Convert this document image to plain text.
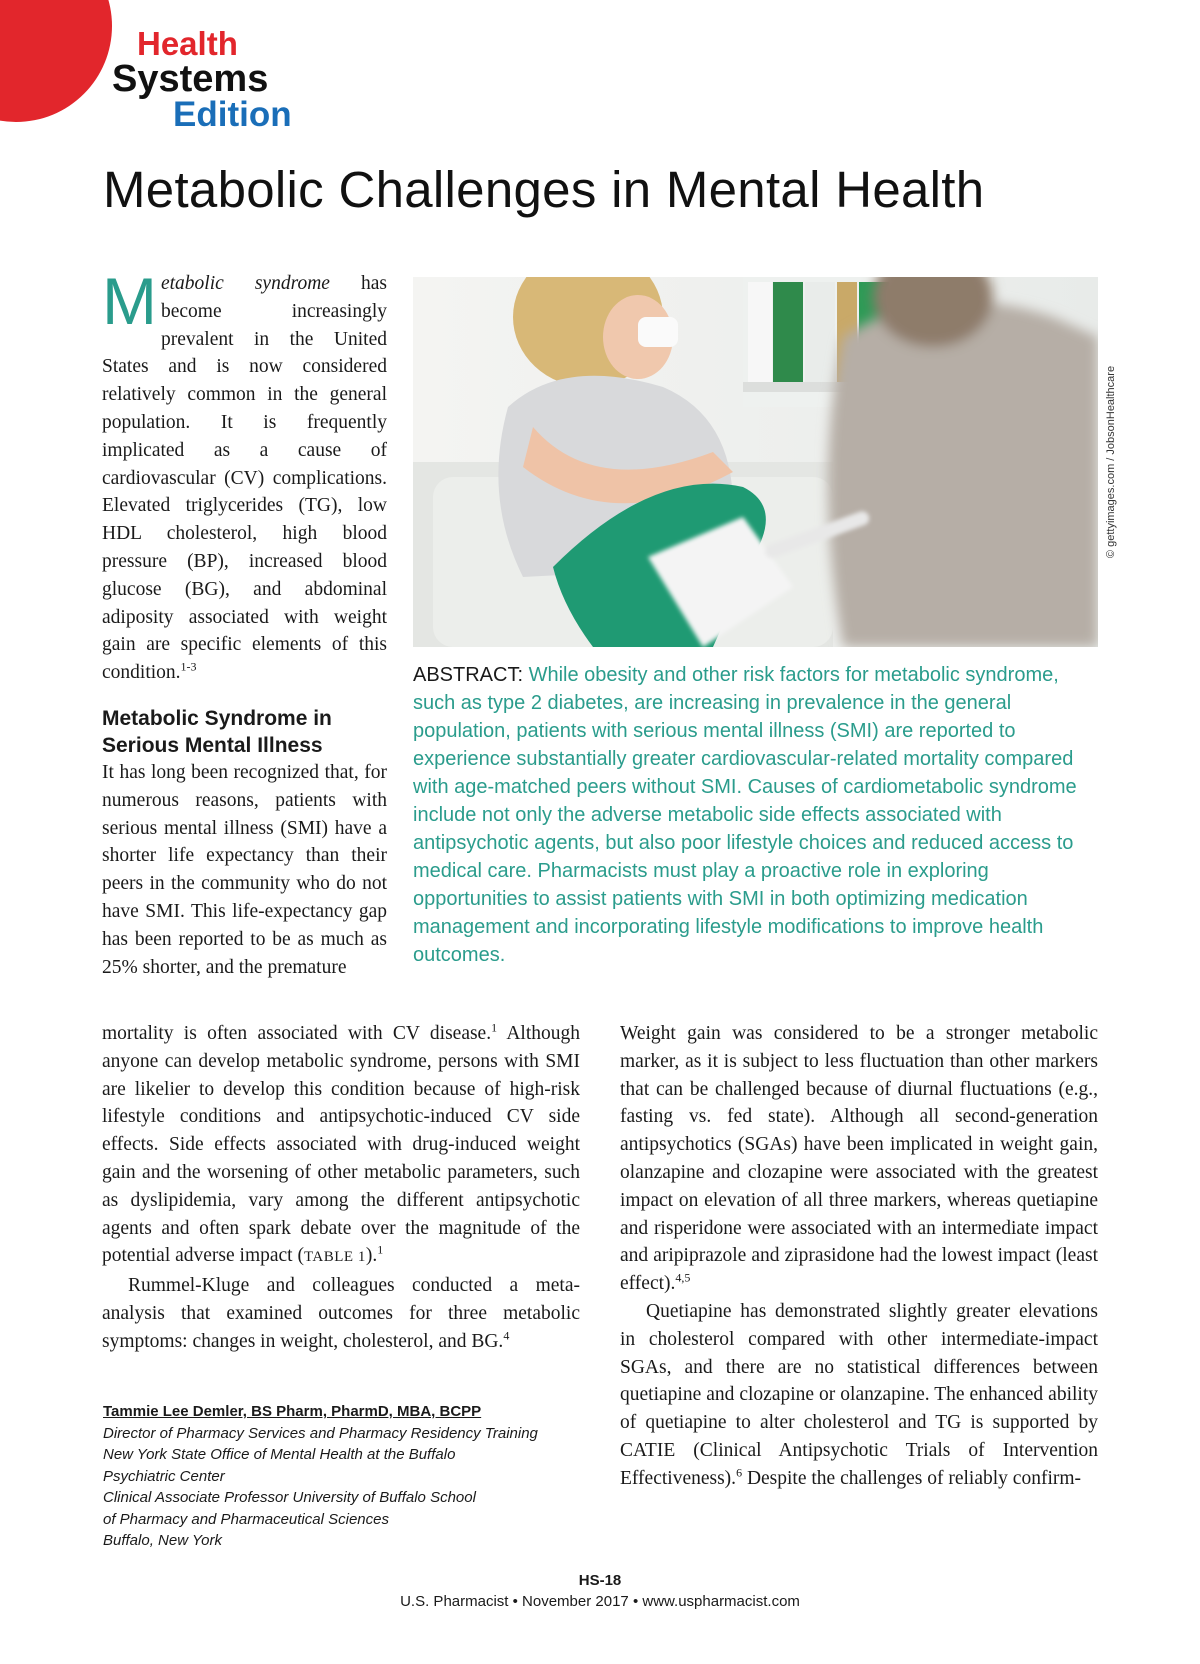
Health
Systems
Edition
Metabolic Challenges in Mental Health

Metabolic syndrome has become increasingly prevalent in the United States and is now considered relatively common in the general population. It is frequently implicated as a cause of cardiovascular (CV) complications. Elevated triglycerides (TG), low HDL cholesterol, high blood pressure (BP), increased blood glucose (BG), and abdominal adiposity associated with weight gain are specific elements of this condition.$^{1-3}$

Metabolic Syndrome in Serious Mental Illness

It has long been recognized that, for numerous reasons, patients with serious mental illness (SMI) have a shorter life expectancy than their peers in the community who do not have SMI. This life-expectancy gap has been reported to be as much as 25% shorter, and the premature

© gettyimages.com / JobsonHealthcare
ABSTRACT: While obesity and other risk factors for metabolic syndrome, such as type 2 diabetes, are increasing in prevalence in the general population, patients with serious mental illness (SMI) are reported to experience substantially greater cardiovascular-related mortality compared with age-matched peers without SMI. Causes of cardiometabolic syndrome include not only the adverse metabolic side effects associated with antipsychotic agents, but also poor lifestyle choices and reduced access to medical care. Pharmacists must play a proactive role in exploring opportunities to assist patients with SMI in both optimizing medication management and incorporating lifestyle modifications to improve health outcomes.

mortality is often associated with CV disease.$^1$ Although anyone can develop metabolic syndrome, persons with SMI are likelier to develop this condition because of high-risk lifestyle conditions and antipsychotic-induced CV side effects. Side effects associated with drug-induced weight gain and the worsening of other metabolic parameters, such as dyslipidemia, vary among the different antipsychotic agents and often spark debate over the magnitude of the potential adverse impact (TABLE 1).$^1$

Rummel-Kluge and colleagues conducted a meta-analysis that examined outcomes for three metabolic symptoms: changes in weight, cholesterol, and BG.$^4$

Tammie Lee Demler, BS Pharm, PharmD, MBA, BCPP
Director of Pharmacy Services and Pharmacy Residency Training
New York State Office of Mental Health at the Buffalo
Psychiatric Center
Clinical Associate Professor University of Buffalo School
of Pharmacy and Pharmaceutical Sciences
Buffalo, New York

Weight gain was considered to be a stronger metabolic marker, as it is subject to less fluctuation than other markers that can be challenged because of diurnal fluctuations (e.g., fasting vs. fed state). Although all second-generation antipsychotics (SGAs) have been implicated in weight gain, olanzapine and clozapine were associated with the greatest impact on elevation of all three markers, whereas quetiapine and risperidone were associated with an intermediate impact and aripiprazole and ziprasidone had the lowest impact (least effect).$^{4,5}$

Quetiapine has demonstrated slightly greater elevations in cholesterol compared with other intermediate-impact SGAs, and there are no statistical differences between quetiapine and clozapine or olanzapine. The enhanced ability of quetiapine to alter cholesterol and TG is supported by CATIE (Clinical Antipsychotic Trials of Intervention Effectiveness).$^6$ Despite the challenges of reliably confirm-

HS-18
U.S. Pharmacist • November 2017 • www.uspharmacist.com
